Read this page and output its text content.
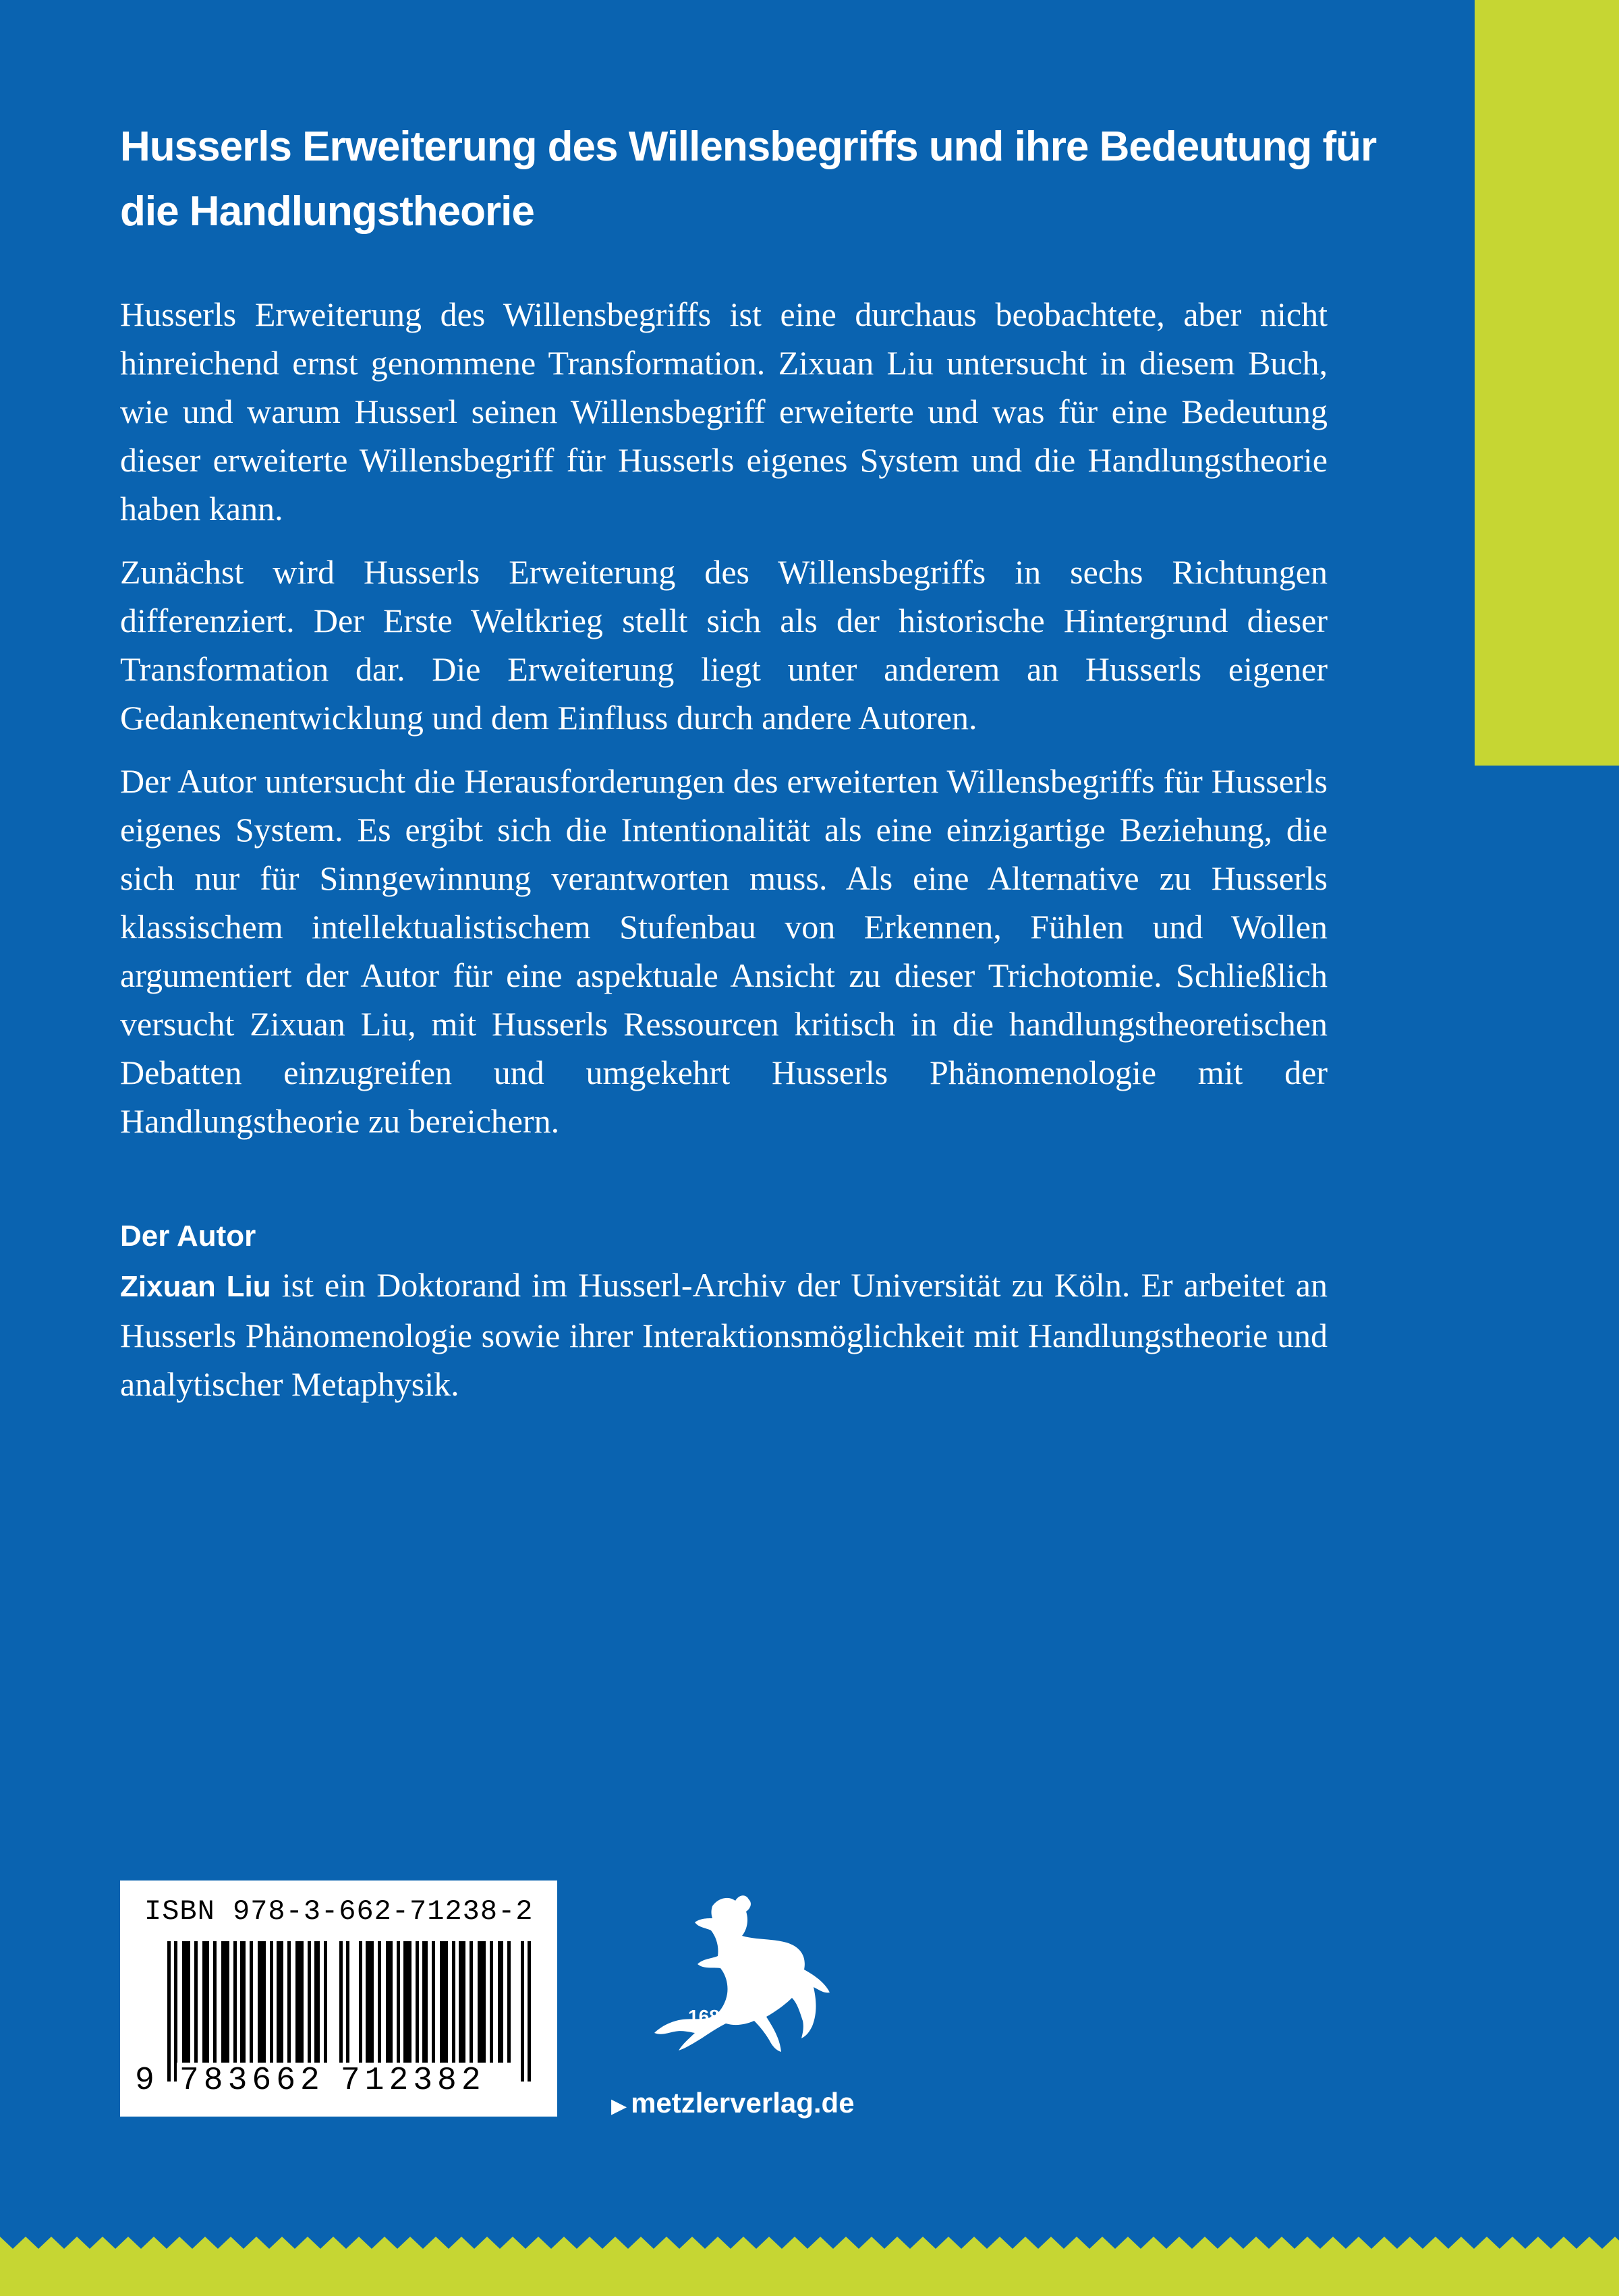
Husserls Erweiterung des Willensbegriffs und ihre Bedeutung für die Handlungstheorie

Husserls Erweiterung des Willensbegriffs ist eine durchaus beobachtete, aber nicht hinreichend ernst genommene Transformation. Zixuan Liu untersucht in diesem Buch, wie und warum Husserl seinen Willensbegriff erweiterte und was für eine Bedeutung dieser erweiterte Willensbegriff für Husserls eigenes System und die Handlungstheorie haben kann.

Zunächst wird Husserls Erweiterung des Willensbegriffs in sechs Richtungen differenziert. Der Erste Weltkrieg stellt sich als der historische Hintergrund dieser Transformation dar. Die Erweiterung liegt unter anderem an Husserls eigener Gedankenentwicklung und dem Einfluss durch andere Autoren.

Der Autor untersucht die Herausforderungen des erweiterten Willensbegriffs für Husserls eigenes System. Es ergibt sich die Intentionalität als eine einzigartige Beziehung, die sich nur für Sinngewinnung verantworten muss. Als eine Alternative zu Husserls klassischem intellektualistischem Stufenbau von Erkennen, Fühlen und Wollen argumentiert der Autor für eine aspektuale Ansicht zu dieser Trichotomie. Schließlich versucht Zixuan Liu, mit Husserls Ressourcen kritisch in die handlungstheoretischen Debatten einzugreifen und umgekehrt Husserls Phänomenologie mit der Handlungstheorie zu bereichern.

Der Autor
Zixuan Liu ist ein Doktorand im Husserl-Archiv der Universität zu Köln. Er arbeitet an Husserls Phänomenologie sowie ihrer Interaktionsmöglichkeit mit Handlungstheorie und analytischer Metaphysik.
ISBN 978-3-662-71238-2
9 783662 712382
1682
▶ metzlerverlag.de
